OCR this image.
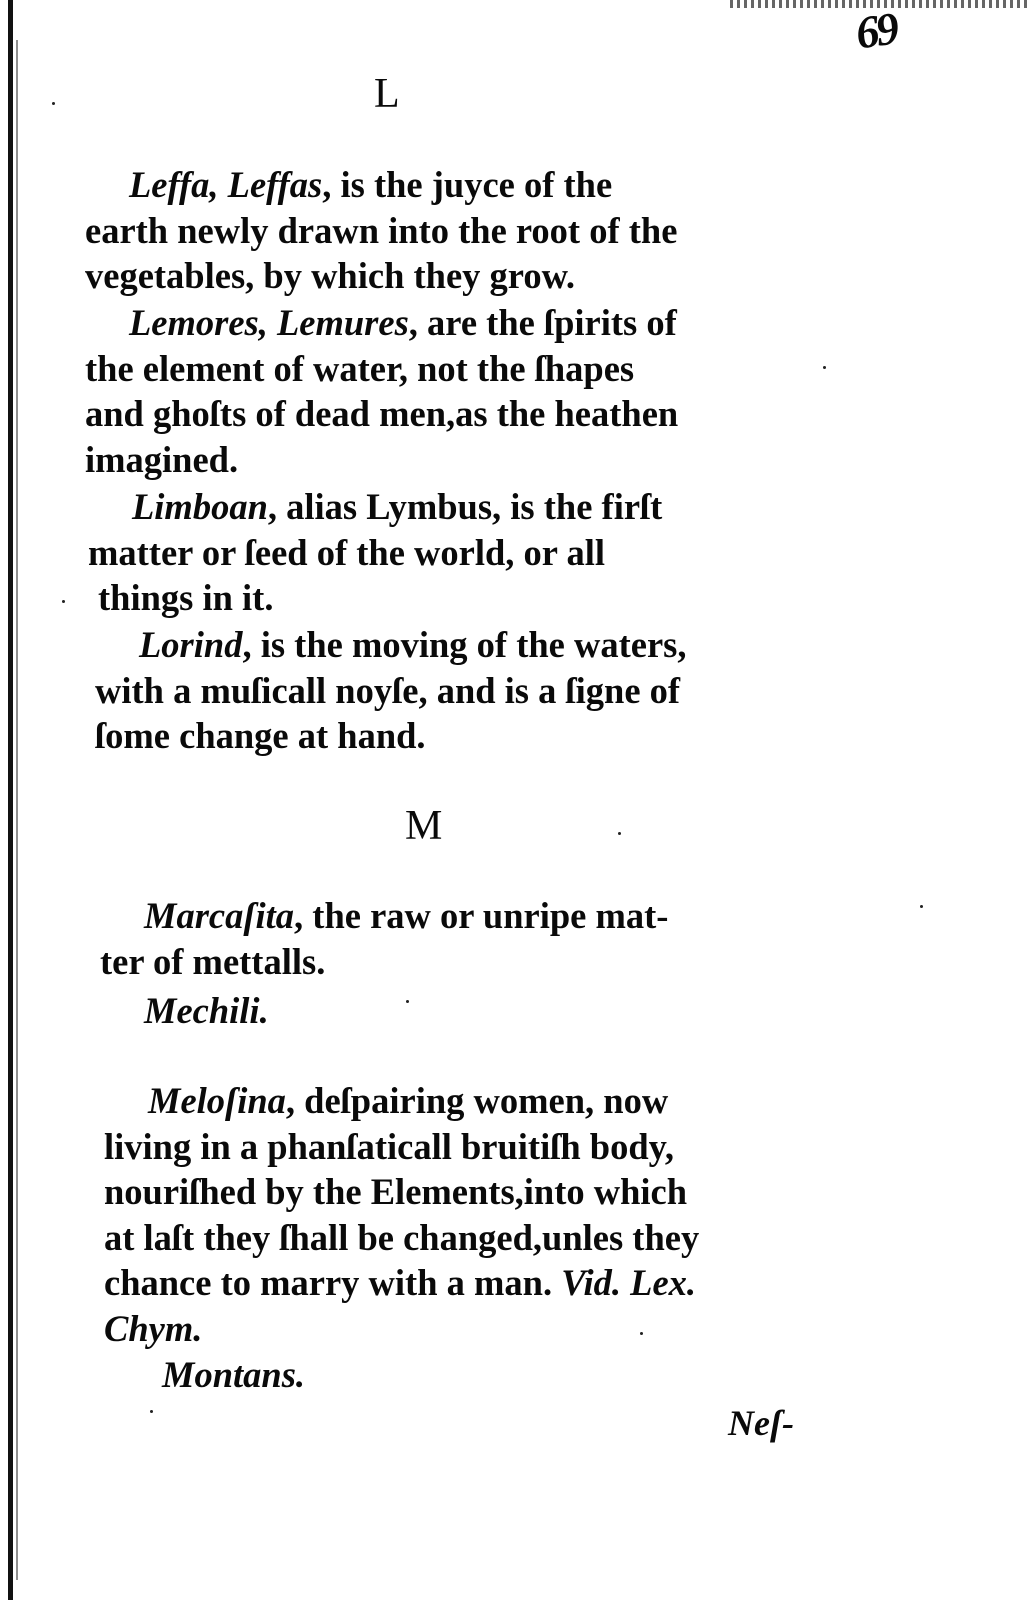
69
L
Leffa, Leffas, is the juyce of the
earth newly drawn into the root of the
vegetables, by which they grow.
Lemores, Lemures, are the ſpirits of
the element of water, not the ſhapes
and ghoſts of dead men,as the heathen
imagined.
Limboan, alias Lymbus, is the firſt
matter or ſeed of the world, or all
things in it.
Lorind, is the moving of the waters,
with a muſicall noyſe, and is a ſigne of
ſome change at hand.
M
Marcaſita, the raw or unripe mat-
ter of mettalls.
Mechili.
Meloſina, deſpairing women, now
living in a phanſaticall bruitiſh body,
nouriſhed by the Elements,into which
at laſt they ſhall be changed,unles they
chance to marry with a man. Vid. Lex.
Chym.
Montans.
Neſ-
